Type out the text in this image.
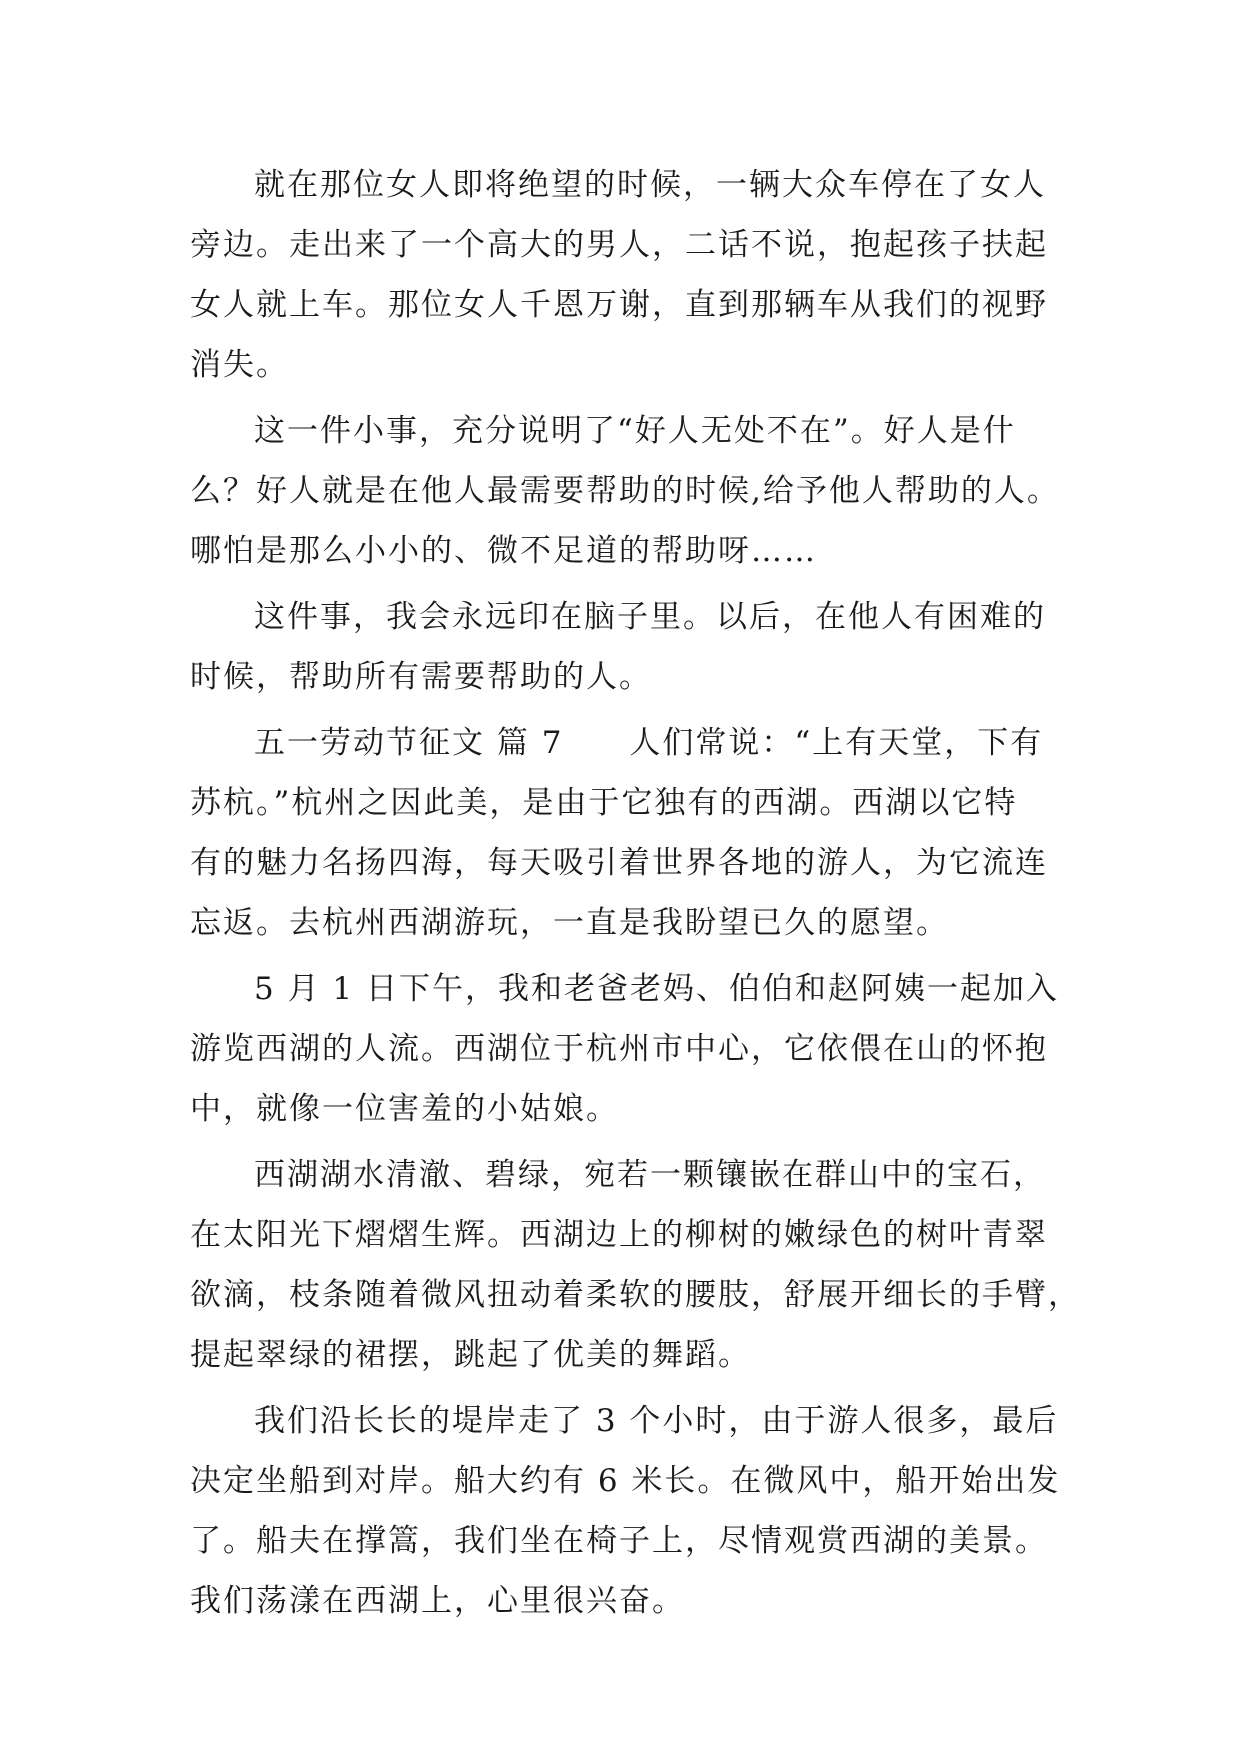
就在那位女人即将绝望的时候，一辆大众车停在了女人
旁边。走出来了一个高大的男人，二话不说，抱起孩子扶起
女人就上车。那位女人千恩万谢，直到那辆车从我们的视野
消失。
这一件小事，充分说明了“好人无处不在”。好人是什
么？好人就是在他人最需要帮助的时候,给予他人帮助的人。
哪怕是那么小小的、微不足道的帮助呀……
这件事，我会永远印在脑子里。以后，在他人有困难的
时候，帮助所有需要帮助的人。
五一劳动节征文 篇 7　　人们常说：“上有天堂，下有
苏杭。”杭州之因此美，是由于它独有的西湖。西湖以它特
有的魅力名扬四海，每天吸引着世界各地的游人，为它流连
忘返。去杭州西湖游玩，一直是我盼望已久的愿望。
5 月 1 日下午，我和老爸老妈、伯伯和赵阿姨一起加入
游览西湖的人流。西湖位于杭州市中心，它依偎在山的怀抱
中，就像一位害羞的小姑娘。
西湖湖水清澈、碧绿，宛若一颗镶嵌在群山中的宝石，
在太阳光下熠熠生辉。西湖边上的柳树的嫩绿色的树叶青翠
欲滴，枝条随着微风扭动着柔软的腰肢，舒展开细长的手臂，
提起翠绿的裙摆，跳起了优美的舞蹈。
我们沿长长的堤岸走了 3 个小时，由于游人很多，最后
决定坐船到对岸。船大约有 6 米长。在微风中，船开始出发
了。船夫在撑篙，我们坐在椅子上，尽情观赏西湖的美景。
我们荡漾在西湖上，心里很兴奋。
